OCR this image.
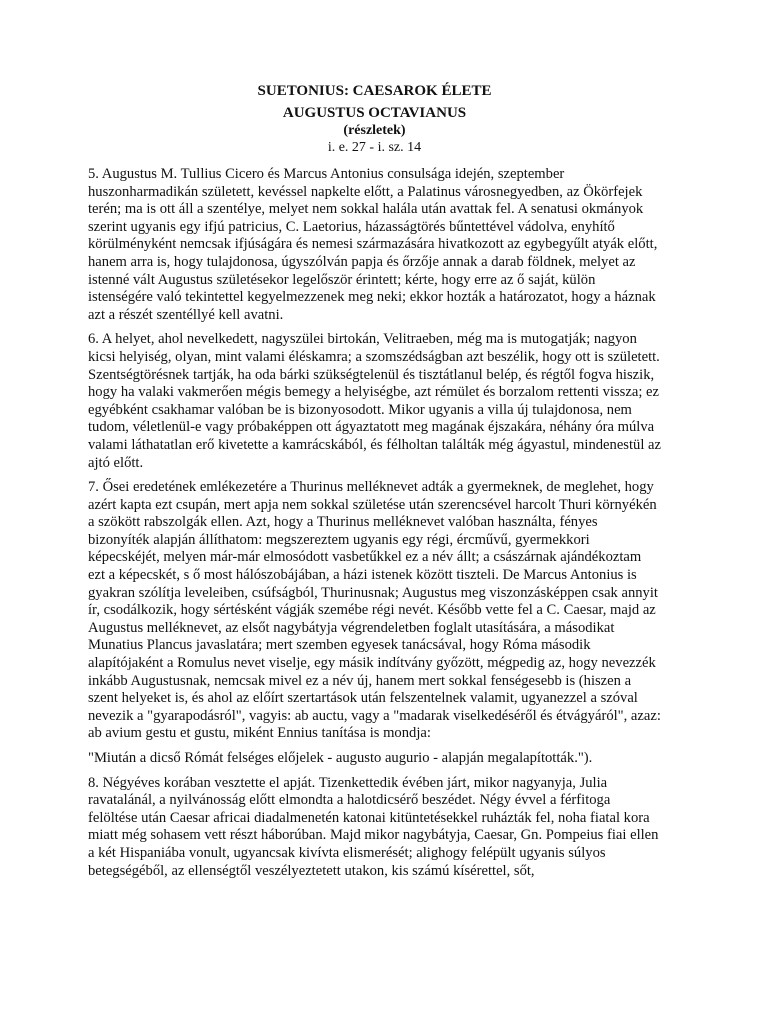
SUETONIUS: CAESAROK ÉLETE

AUGUSTUS OCTAVIANUS

(részletek)

i. e. 27 - i. sz. 14

5. Augustus M. Tullius Cicero és Marcus Antonius consulsága idején, szeptember huszonharmadikán született, kevéssel napkelte előtt, a Palatinus városnegyedben, az Ökörfejek terén; ma is ott áll a szentélye, melyet nem sokkal halála után avattak fel. A senatusi okmányok szerint ugyanis egy ifjú patricius, C. Laetorius, házasságtörés bűntettével vádolva, enyhítő körülményként nemcsak ifjúságára és nemesi származására hivatkozott az egybegyűlt atyák előtt, hanem arra is, hogy tulajdonosa, úgyszólván papja és őrzője annak a darab földnek, melyet az istenné vált Augustus születésekor legelőször érintett; kérte, hogy erre az ő saját, külön istenségére való tekintettel kegyelmezzenek meg neki; ekkor hozták a határozatot, hogy a háznak azt a részét szentéllyé kell avatni.

6. A helyet, ahol nevelkedett, nagyszülei birtokán, Velitraeben, még ma is mutogatják; nagyon kicsi helyiség, olyan, mint valami éléskamra; a szomszédságban azt beszélik, hogy ott is született. Szentségtörésnek tartják, ha oda bárki szükségtelenül és tisztátlanul belép, és régtől fogva hiszik, hogy ha valaki vakmerően mégis bemegy a helyiségbe, azt rémület és borzalom rettenti vissza; ez egyébként csakhamar valóban be is bizonyosodott. Mikor ugyanis a villa új tulajdonosa, nem tudom, véletlenül-e vagy próbaképpen ott ágyaztatott meg magának éjszakára, néhány óra múlva valami láthatatlan erő kivetette a kamrácskából, és félholtan találták még ágyastul, mindenestül az ajtó előtt.

7. Ősei eredetének emlékezetére a Thurinus melléknevet adták a gyermeknek, de meglehet, hogy azért kapta ezt csupán, mert apja nem sokkal születése után szerencsével harcolt Thuri környékén a szökött rabszolgák ellen. Azt, hogy a Thurinus melléknevet valóban használta, fényes bizonyíték alapján állíthatom: megszereztem ugyanis egy régi, ércművű, gyermekkori képecskéjét, melyen már-már elmosódott vasbetűkkel ez a név állt; a császárnak ajándékoztam ezt a képecskét, s ő most hálószobájában, a házi istenek között tiszteli. De Marcus Antonius is gyakran szólítja leveleiben, csúfságból, Thurinusnak; Augustus meg viszonzásképpen csak annyit ír, csodálkozik, hogy sértésként vágják szemébe régi nevét. Később vette fel a C. Caesar, majd az Augustus melléknevet, az elsőt nagybátyja végrendeletben foglalt utasítására, a másodikat Munatius Plancus javaslatára; mert szemben egyesek tanácsával, hogy Róma második alapítójaként a Romulus nevet viselje, egy másik indítvány győzött, mégpedig az, hogy nevezzék inkább Augustusnak, nemcsak mivel ez a név új, hanem mert sokkal fenségesebb is (hiszen a szent helyeket is, és ahol az előírt szertartások után felszentelnek valamit, ugyanezzel a szóval nevezik a "gyarapodásról", vagyis: ab auctu, vagy a "madarak viselkedéséről és étvágyáról", azaz: ab avium gestu et gustu, miként Ennius tanítása is mondja:

"Miután a dicső Rómát felséges előjelek - augusto augurio - alapján megalapították.").

8. Négyéves korában vesztette el apját. Tizenkettedik évében járt, mikor nagyanyja, Julia ravatalánál, a nyilvánosság előtt elmondta a halotdicsérő beszédet. Négy évvel a férfitoga felöltése után Caesar africai diadalmenetén katonai kitüntetésekkel ruházták fel, noha fiatal kora miatt még sohasem vett részt háborúban. Majd mikor nagybátyja, Caesar, Gn. Pompeius fiai ellen a két Hispaniába vonult, ugyancsak kivívta elismerését; alighogy felépült ugyanis súlyos betegségéből, az ellenségtől veszélyeztetett utakon, kis számú kísérettel, sőt,
